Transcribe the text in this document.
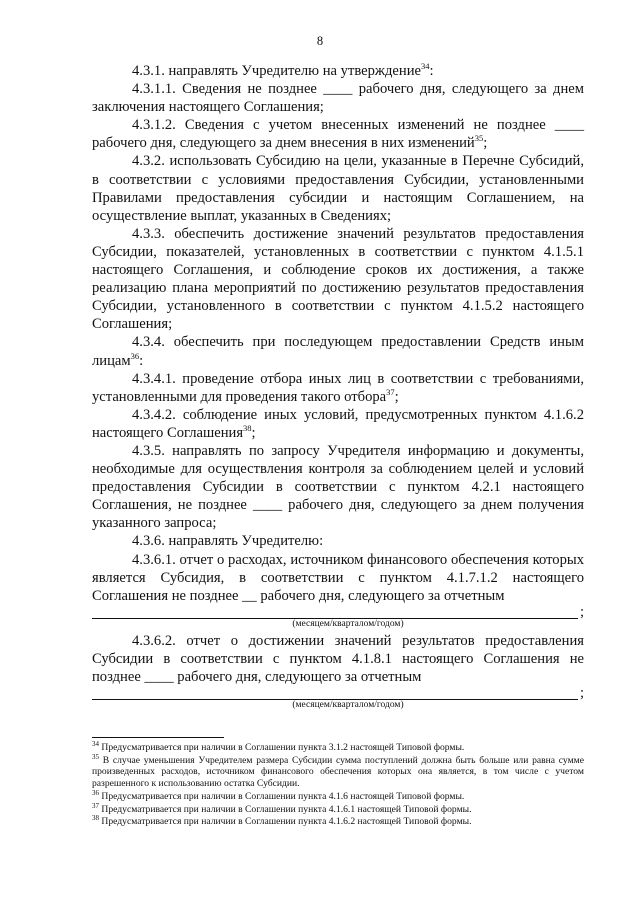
8

4.3.1. направлять Учредителю на утверждение$^{34}$:

4.3.1.1. Сведения не позднее ____ рабочего дня, следующего за днем заключения настоящего Соглашения;

4.3.1.2. Сведения с учетом внесенных изменений не позднее ____ рабочего дня, следующего за днем внесения в них изменений$^{35}$;

4.3.2. использовать Субсидию на цели, указанные в Перечне Субсидий, в соответствии с условиями предоставления Субсидии, установленными Правилами предоставления субсидии и настоящим Соглашением, на осуществление выплат, указанных в Сведениях;

4.3.3. обеспечить достижение значений результатов предоставления Субсидии, показателей, установленных в соответствии с пунктом 4.1.5.1 настоящего Соглашения, и соблюдение сроков их достижения, а также реализацию плана мероприятий по достижению результатов предоставления Субсидии, установленного в соответствии с пунктом 4.1.5.2 настоящего Соглашения;

4.3.4. обеспечить при последующем предоставлении Средств иным лицам$^{36}$:

4.3.4.1. проведение отбора иных лиц в соответствии с требованиями, установленными для проведения такого отбора$^{37}$;

4.3.4.2. соблюдение иных условий, предусмотренных пунктом 4.1.6.2 настоящего Соглашения$^{38}$;

4.3.5. направлять по запросу Учредителя информацию и документы, необходимые для осуществления контроля за соблюдением целей и условий предоставления Субсидии в соответствии с пунктом 4.2.1 настоящего Соглашения, не позднее ____ рабочего дня, следующего за днем получения указанного запроса;

4.3.6. направлять Учредителю:

4.3.6.1. отчет о расходах, источником финансового обеспечения которых является Субсидия, в соответствии с пунктом 4.1.7.1.2 настоящего Соглашения не позднее __ рабочего дня, следующего за отчетным

;
(месяцем/кварталом/годом)

4.3.6.2. отчет о достижении значений результатов предоставления Субсидии в соответствии с пунктом 4.1.8.1 настоящего Соглашения не позднее ____ рабочего дня, следующего за отчетным

;
(месяцем/кварталом/годом)

$^{34}$ Предусматривается при наличии в Соглашении пункта 3.1.2 настоящей Типовой формы.

$^{35}$ В случае уменьшения Учредителем размера Субсидии сумма поступлений должна быть больше или равна сумме произведенных расходов, источником финансового обеспечения которых она является, в том числе с учетом разрешенного к использованию остатка Субсидии.

$^{36}$ Предусматривается при наличии в Соглашении пункта 4.1.6 настоящей Типовой формы.

$^{37}$ Предусматривается при наличии в Соглашении пункта 4.1.6.1 настоящей Типовой формы.

$^{38}$ Предусматривается при наличии в Соглашении пункта 4.1.6.2 настоящей Типовой формы.
